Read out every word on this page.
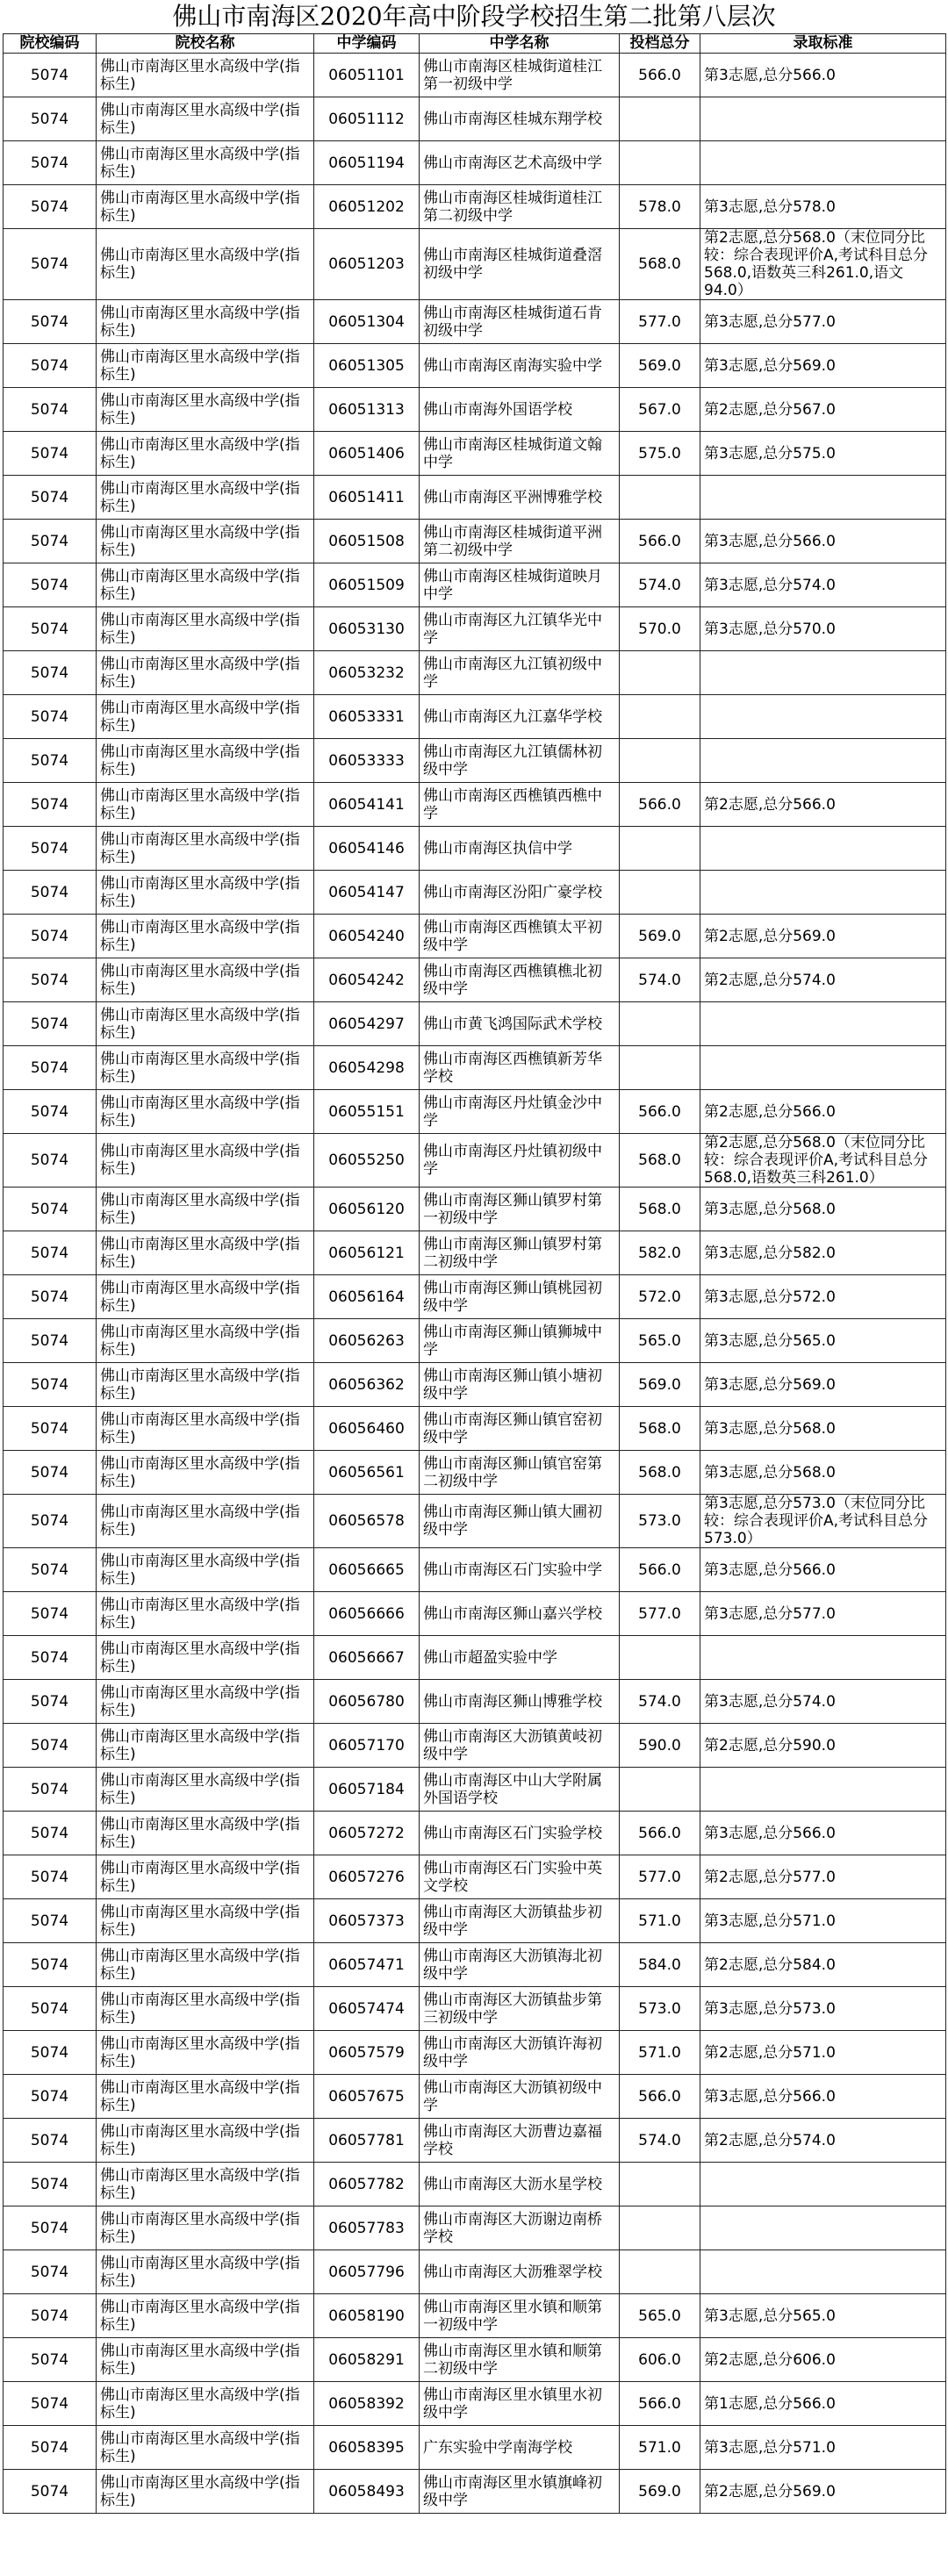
佛山市南海区2020年高中阶段学校招生第二批第八层次
院校编码	院校名称	中学编码	中学名称	投档总分	录取标准
5074	佛山市南海区里水高级中学(指标生)	06051101	佛山市南海区桂城街道桂江第一初级中学	566.0	第3志愿,总分566.0
5074	佛山市南海区里水高级中学(指标生)	06051112	佛山市南海区桂城东翔学校		
5074	佛山市南海区里水高级中学(指标生)	06051194	佛山市南海区艺术高级中学		
5074	佛山市南海区里水高级中学(指标生)	06051202	佛山市南海区桂城街道桂江第二初级中学	578.0	第3志愿,总分578.0
5074	佛山市南海区里水高级中学(指标生)	06051203	佛山市南海区桂城街道叠滘初级中学	568.0	第2志愿,总分568.0（末位同分比较：综合表现评价A,考试科目总分568.0,语数英三科261.0,语文94.0）
5074	佛山市南海区里水高级中学(指标生)	06051304	佛山市南海区桂城街道石肯初级中学	577.0	第3志愿,总分577.0
5074	佛山市南海区里水高级中学(指标生)	06051305	佛山市南海区南海实验中学	569.0	第3志愿,总分569.0
5074	佛山市南海区里水高级中学(指标生)	06051313	佛山市南海外国语学校	567.0	第2志愿,总分567.0
5074	佛山市南海区里水高级中学(指标生)	06051406	佛山市南海区桂城街道文翰中学	575.0	第3志愿,总分575.0
5074	佛山市南海区里水高级中学(指标生)	06051411	佛山市南海区平洲博雅学校		
5074	佛山市南海区里水高级中学(指标生)	06051508	佛山市南海区桂城街道平洲第二初级中学	566.0	第3志愿,总分566.0
5074	佛山市南海区里水高级中学(指标生)	06051509	佛山市南海区桂城街道映月中学	574.0	第3志愿,总分574.0
5074	佛山市南海区里水高级中学(指标生)	06053130	佛山市南海区九江镇华光中学	570.0	第3志愿,总分570.0
5074	佛山市南海区里水高级中学(指标生)	06053232	佛山市南海区九江镇初级中学		
5074	佛山市南海区里水高级中学(指标生)	06053331	佛山市南海区九江嘉华学校		
5074	佛山市南海区里水高级中学(指标生)	06053333	佛山市南海区九江镇儒林初级中学		
5074	佛山市南海区里水高级中学(指标生)	06054141	佛山市南海区西樵镇西樵中学	566.0	第2志愿,总分566.0
5074	佛山市南海区里水高级中学(指标生)	06054146	佛山市南海区执信中学		
5074	佛山市南海区里水高级中学(指标生)	06054147	佛山市南海区汾阳广豪学校		
5074	佛山市南海区里水高级中学(指标生)	06054240	佛山市南海区西樵镇太平初级中学	569.0	第2志愿,总分569.0
5074	佛山市南海区里水高级中学(指标生)	06054242	佛山市南海区西樵镇樵北初级中学	574.0	第2志愿,总分574.0
5074	佛山市南海区里水高级中学(指标生)	06054297	佛山市黄飞鸿国际武术学校		
5074	佛山市南海区里水高级中学(指标生)	06054298	佛山市南海区西樵镇新芳华学校		
5074	佛山市南海区里水高级中学(指标生)	06055151	佛山市南海区丹灶镇金沙中学	566.0	第2志愿,总分566.0
5074	佛山市南海区里水高级中学(指标生)	06055250	佛山市南海区丹灶镇初级中学	568.0	第2志愿,总分568.0（末位同分比较：综合表现评价A,考试科目总分568.0,语数英三科261.0）
5074	佛山市南海区里水高级中学(指标生)	06056120	佛山市南海区狮山镇罗村第一初级中学	568.0	第3志愿,总分568.0
5074	佛山市南海区里水高级中学(指标生)	06056121	佛山市南海区狮山镇罗村第二初级中学	582.0	第3志愿,总分582.0
5074	佛山市南海区里水高级中学(指标生)	06056164	佛山市南海区狮山镇桃园初级中学	572.0	第3志愿,总分572.0
5074	佛山市南海区里水高级中学(指标生)	06056263	佛山市南海区狮山镇狮城中学	565.0	第3志愿,总分565.0
5074	佛山市南海区里水高级中学(指标生)	06056362	佛山市南海区狮山镇小塘初级中学	569.0	第3志愿,总分569.0
5074	佛山市南海区里水高级中学(指标生)	06056460	佛山市南海区狮山镇官窑初级中学	568.0	第3志愿,总分568.0
5074	佛山市南海区里水高级中学(指标生)	06056561	佛山市南海区狮山镇官窑第二初级中学	568.0	第3志愿,总分568.0
5074	佛山市南海区里水高级中学(指标生)	06056578	佛山市南海区狮山镇大圃初级中学	573.0	第3志愿,总分573.0（末位同分比较：综合表现评价A,考试科目总分573.0）
5074	佛山市南海区里水高级中学(指标生)	06056665	佛山市南海区石门实验中学	566.0	第3志愿,总分566.0
5074	佛山市南海区里水高级中学(指标生)	06056666	佛山市南海区狮山嘉兴学校	577.0	第3志愿,总分577.0
5074	佛山市南海区里水高级中学(指标生)	06056667	佛山市超盈实验中学		
5074	佛山市南海区里水高级中学(指标生)	06056780	佛山市南海区狮山博雅学校	574.0	第3志愿,总分574.0
5074	佛山市南海区里水高级中学(指标生)	06057170	佛山市南海区大沥镇黄岐初级中学	590.0	第2志愿,总分590.0
5074	佛山市南海区里水高级中学(指标生)	06057184	佛山市南海区中山大学附属外国语学校		
5074	佛山市南海区里水高级中学(指标生)	06057272	佛山市南海区石门实验学校	566.0	第3志愿,总分566.0
5074	佛山市南海区里水高级中学(指标生)	06057276	佛山市南海区石门实验中英文学校	577.0	第2志愿,总分577.0
5074	佛山市南海区里水高级中学(指标生)	06057373	佛山市南海区大沥镇盐步初级中学	571.0	第3志愿,总分571.0
5074	佛山市南海区里水高级中学(指标生)	06057471	佛山市南海区大沥镇海北初级中学	584.0	第2志愿,总分584.0
5074	佛山市南海区里水高级中学(指标生)	06057474	佛山市南海区大沥镇盐步第三初级中学	573.0	第3志愿,总分573.0
5074	佛山市南海区里水高级中学(指标生)	06057579	佛山市南海区大沥镇许海初级中学	571.0	第2志愿,总分571.0
5074	佛山市南海区里水高级中学(指标生)	06057675	佛山市南海区大沥镇初级中学	566.0	第3志愿,总分566.0
5074	佛山市南海区里水高级中学(指标生)	06057781	佛山市南海区大沥曹边嘉福学校	574.0	第2志愿,总分574.0
5074	佛山市南海区里水高级中学(指标生)	06057782	佛山市南海区大沥水星学校		
5074	佛山市南海区里水高级中学(指标生)	06057783	佛山市南海区大沥谢边南桥学校		
5074	佛山市南海区里水高级中学(指标生)	06057796	佛山市南海区大沥雅翠学校		
5074	佛山市南海区里水高级中学(指标生)	06058190	佛山市南海区里水镇和顺第一初级中学	565.0	第3志愿,总分565.0
5074	佛山市南海区里水高级中学(指标生)	06058291	佛山市南海区里水镇和顺第二初级中学	606.0	第2志愿,总分606.0
5074	佛山市南海区里水高级中学(指标生)	06058392	佛山市南海区里水镇里水初级中学	566.0	第1志愿,总分566.0
5074	佛山市南海区里水高级中学(指标生)	06058395	广东实验中学南海学校	571.0	第3志愿,总分571.0
5074	佛山市南海区里水高级中学(指标生)	06058493	佛山市南海区里水镇旗峰初级中学	569.0	第2志愿,总分569.0
